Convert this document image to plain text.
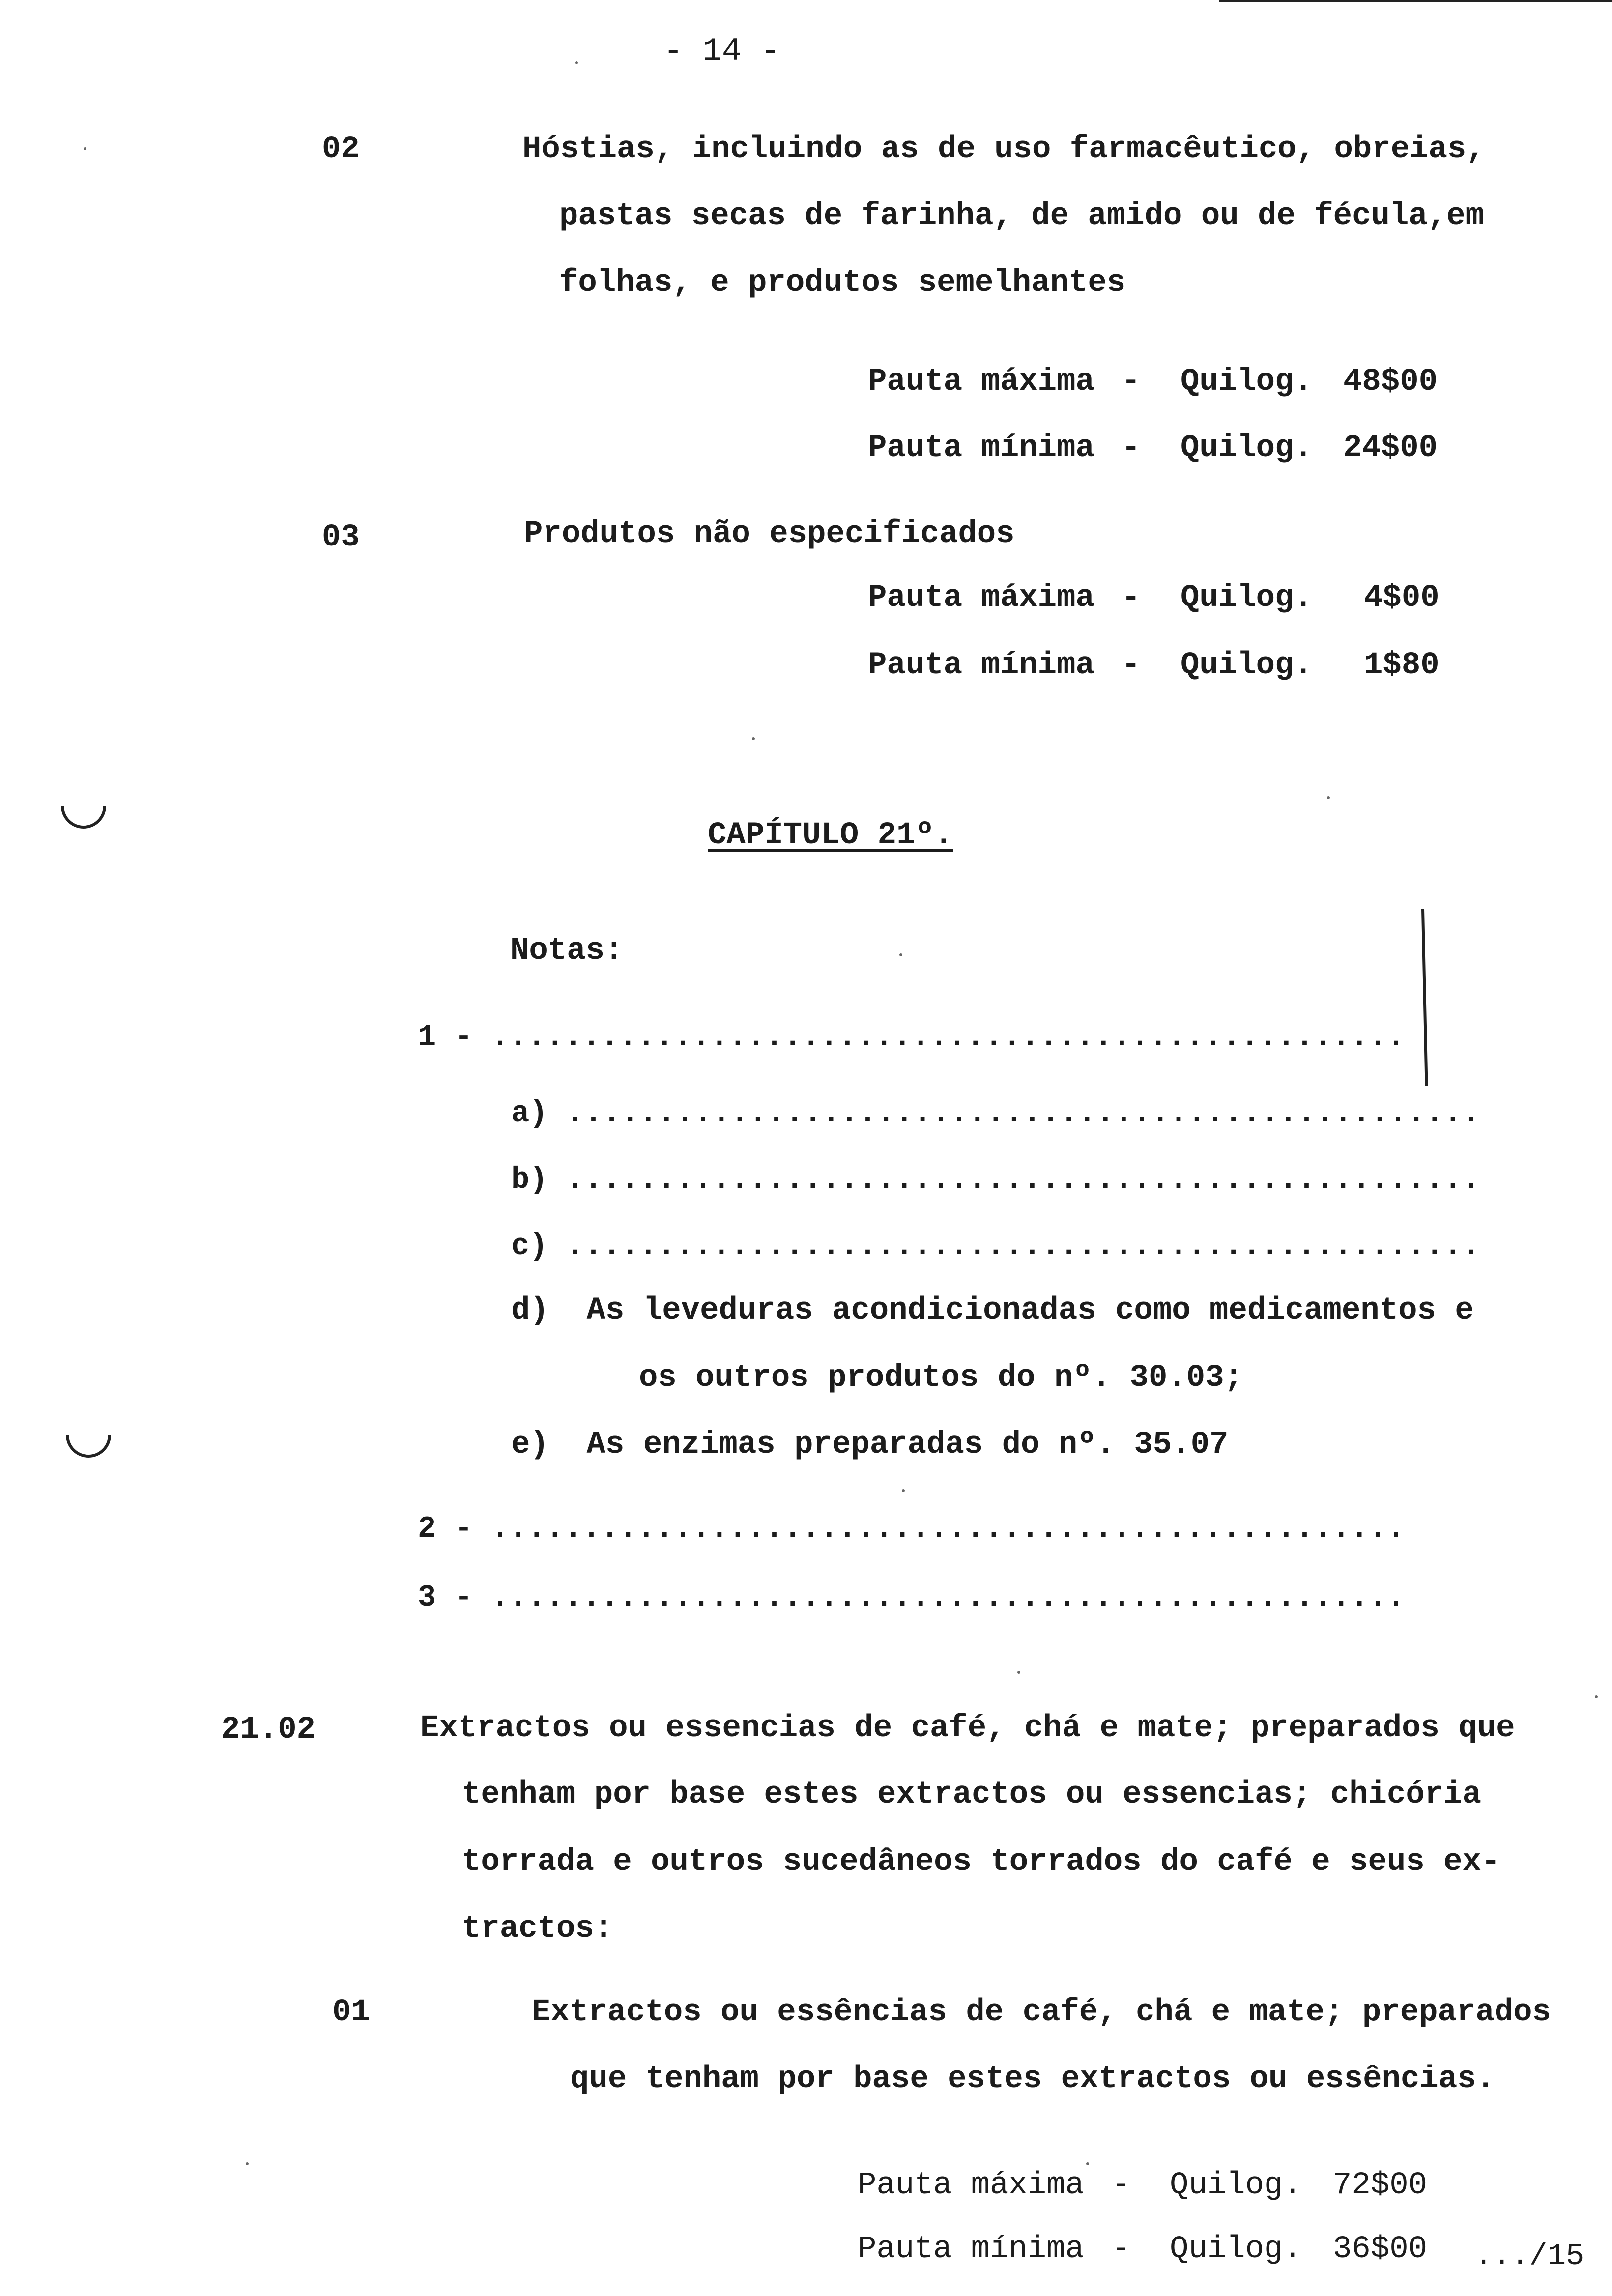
- 14 -
02	Hóstias, incluindo as de uso farmacêutico, obreias,
pastas secas de farinha, de amido ou de fécula,em
folhas, e produtos semelhantes
Pauta máxima - Quilog. 48$00
Pauta mínima - Quilog. 24$00
03	Produtos não especificados
Pauta máxima - Quilog. 4$00
Pauta mínima - Quilog. 1$80
CAPÍTULO 21º.
Notas:
1 - ..................................................
a) ..................................................
b) ..................................................
c) ..................................................
d)  As leveduras acondicionadas como medicamentos e
os outros produtos do nº. 30.03;
e)  As enzimas preparadas do nº. 35.07
2 - ..................................................
3 - ..................................................
21.02	Extractos ou essencias de café, chá e mate; preparados que
tenham por base estes extractos ou essencias; chicória
torrada e outros sucedâneos torrados do café e seus ex-
tractos:
01	Extractos ou essências de café, chá e mate; preparados
que tenham por base estes extractos ou essências.
Pauta máxima - Quilog. 72$00
Pauta mínima - Quilog. 36$00 .../15
